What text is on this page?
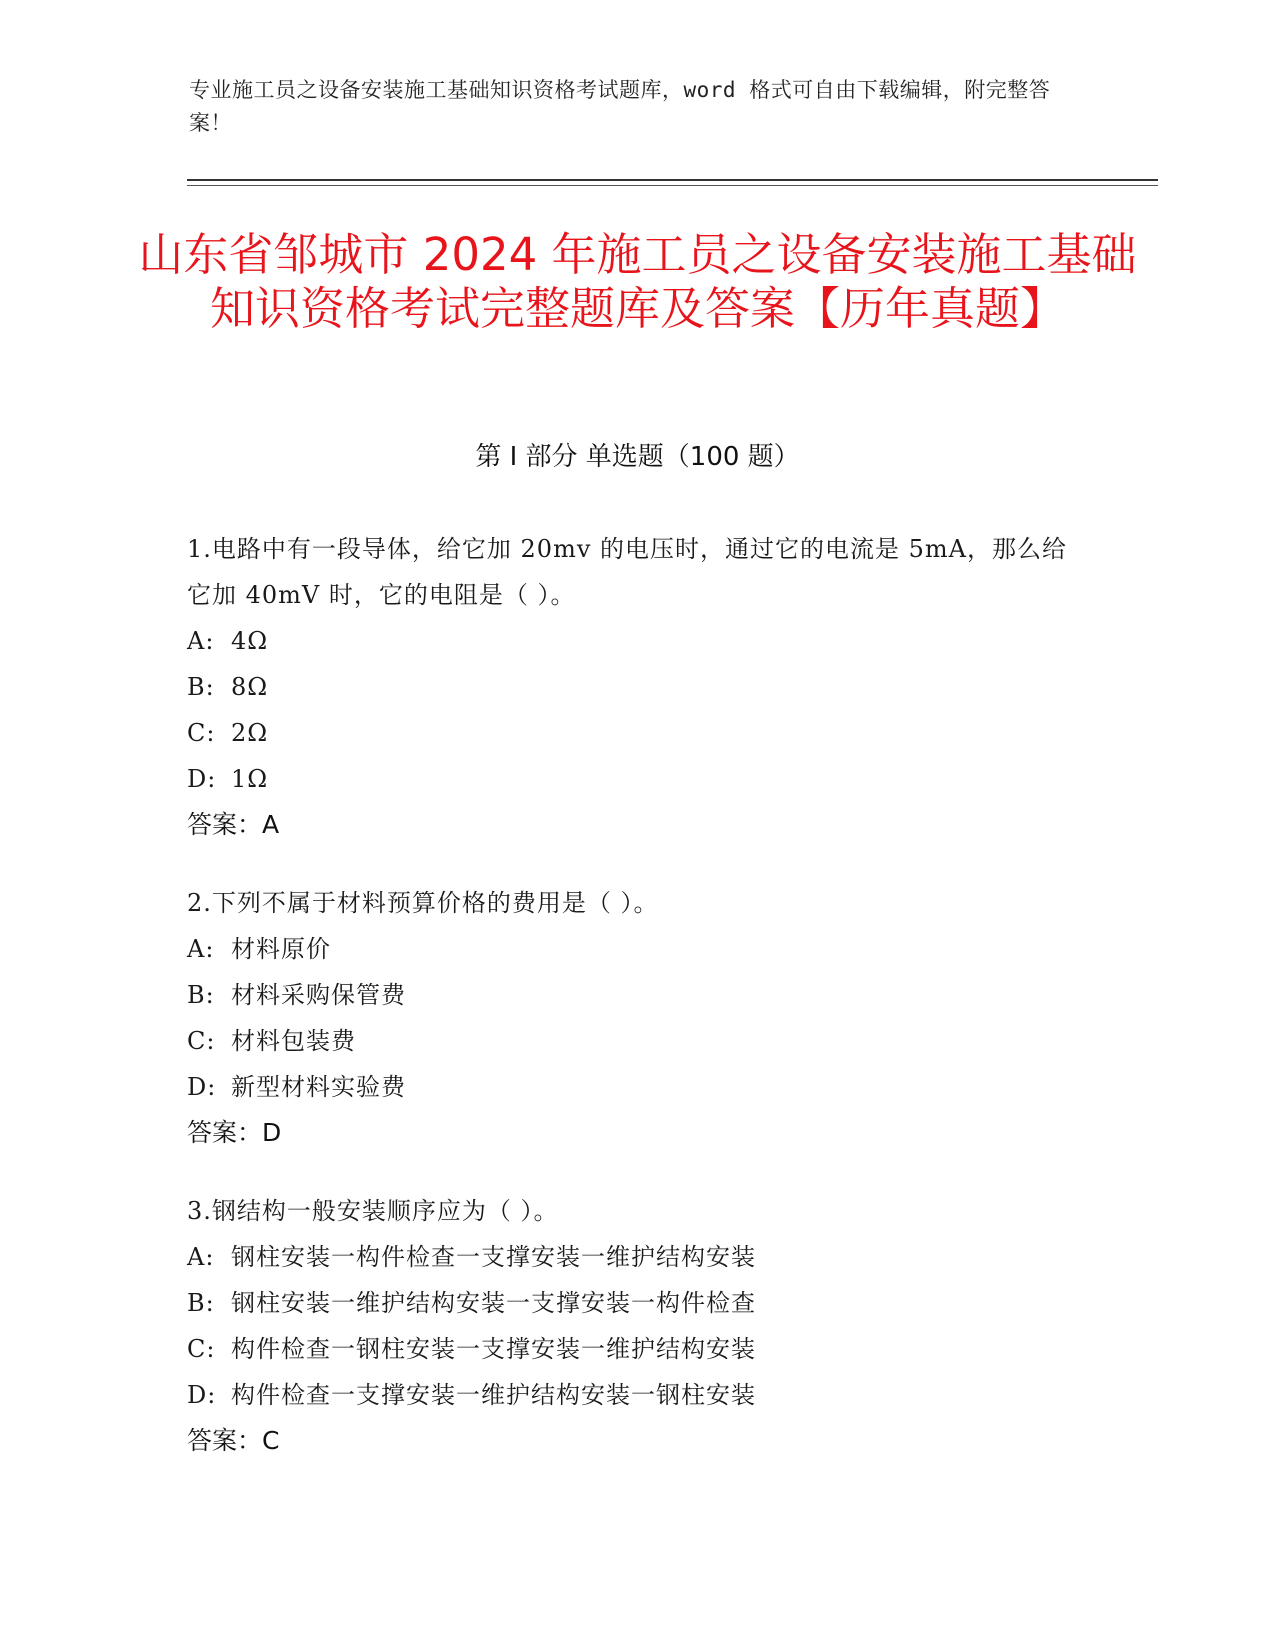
专业施工员之设备安装施工基础知识资格考试题库，word 格式可自由下载编辑，附完整答案！
山东省邹城市 2024 年施工员之设备安装施工基础知识资格考试完整题库及答案【历年真题】
第 I 部分 单选题（100 题）
1.电路中有一段导体，给它加 20mv 的电压时，通过它的电流是 5mA，那么给它加 40mV 时，它的电阻是（ ）。
A: 4Ω
B: 8Ω
C: 2Ω
D: 1Ω
答案：A
2.下列不属于材料预算价格的费用是（ ）。
A: 材料原价
B: 材料采购保管费
C: 材料包装费
D: 新型材料实验费
答案：D
3.钢结构一般安装顺序应为（ ）。
A: 钢柱安装一构件检查一支撑安装一维护结构安装
B: 钢柱安装一维护结构安装一支撑安装一构件检查
C: 构件检查一钢柱安装一支撑安装一维护结构安装
D: 构件检查一支撑安装一维护结构安装一钢柱安装
答案：C
